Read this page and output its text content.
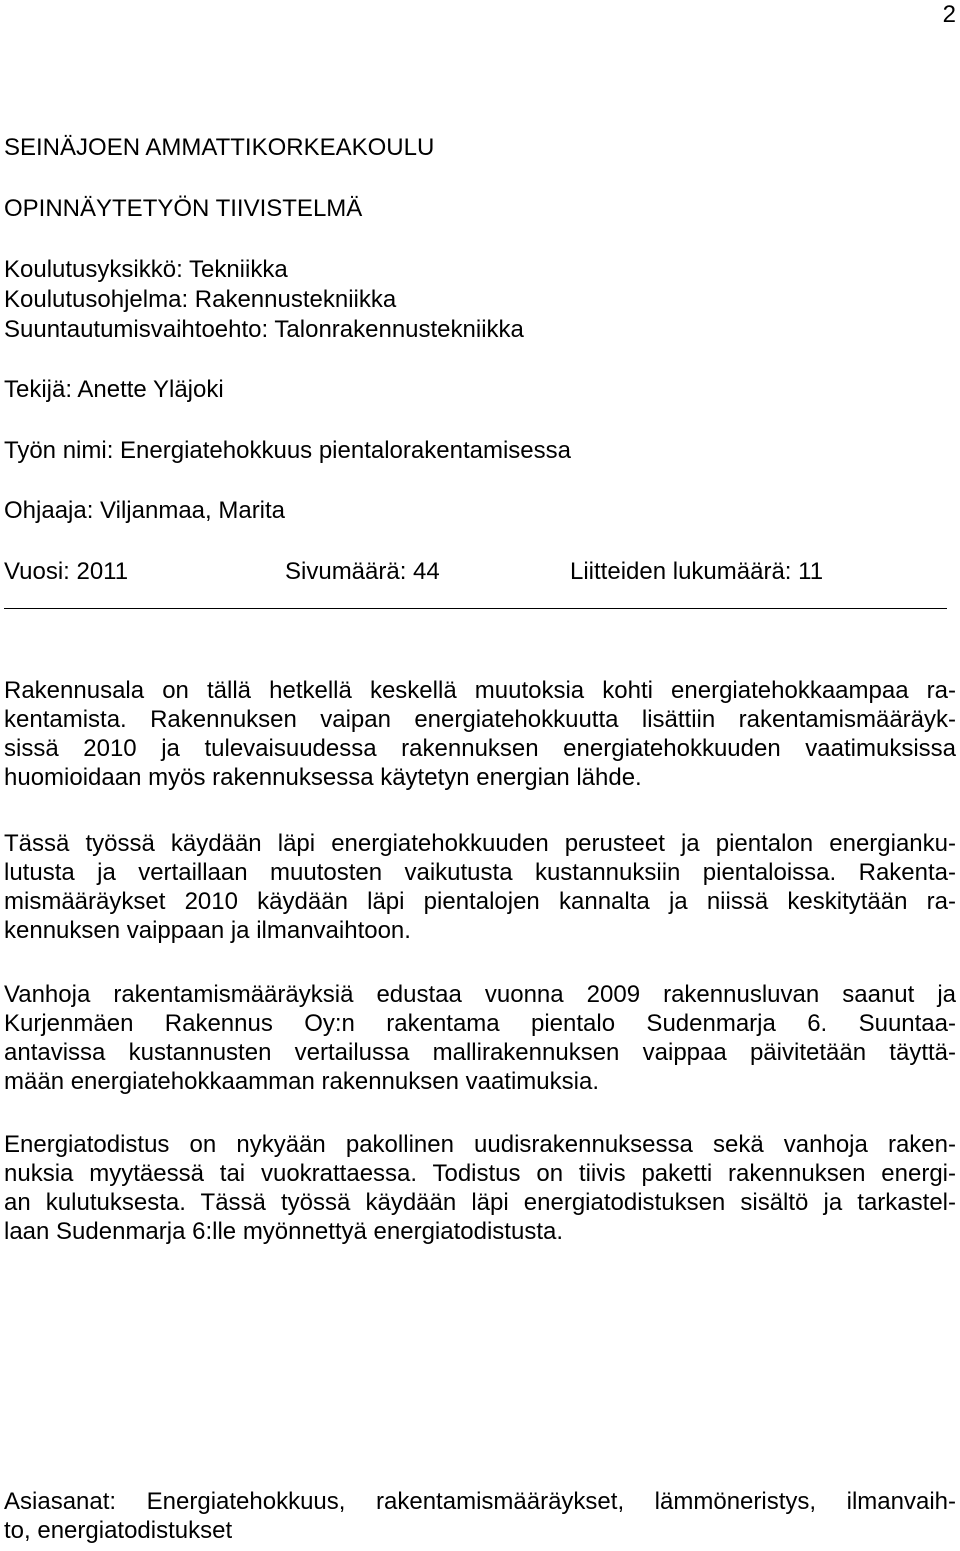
2
SEINÄJOEN AMMATTIKORKEAKOULU
OPINNÄYTETYÖN TIIVISTELMÄ
Koulutusyksikkö: Tekniikka
Koulutusohjelma: Rakennustekniikka
Suuntautumisvaihtoehto: Talonrakennustekniikka
Tekijä: Anette Yläjoki
Työn nimi: Energiatehokkuus pientalorakentamisessa
Ohjaaja: Viljanmaa, Marita
Vuosi: 2011	Sivumäärä: 44	Liitteiden lukumäärä: 11
Rakennusala on tällä hetkellä keskellä muutoksia kohti energiatehokkaampaa ra-
kentamista. Rakennuksen vaipan energiatehokkuutta lisättiin rakentamismääräyk-
sissä 2010 ja tulevaisuudessa rakennuksen energiatehokkuuden vaatimuksissa
huomioidaan myös rakennuksessa käytetyn energian lähde.
Tässä työssä käydään läpi energiatehokkuuden perusteet ja pientalon energianku-
lutusta ja vertaillaan muutosten vaikutusta kustannuksiin pientaloissa. Rakenta-
mismääräykset 2010 käydään läpi pientalojen kannalta ja niissä keskitytään ra-
kennuksen vaippaan ja ilmanvaihtoon.
Vanhoja rakentamismääräyksiä edustaa vuonna 2009 rakennusluvan saanut ja
Kurjenmäen Rakennus Oy:n rakentama pientalo Sudenmarja 6. Suuntaa-
antavissa kustannusten vertailussa mallirakennuksen vaippaa päivitetään täyttä-
mään energiatehokkaamman rakennuksen vaatimuksia.
Energiatodistus on nykyään pakollinen uudisrakennuksessa sekä vanhoja raken-
nuksia myytäessä tai vuokrattaessa. Todistus on tiivis paketti rakennuksen energi-
an kulutuksesta. Tässä työssä käydään läpi energiatodistuksen sisältö ja tarkastel-
laan Sudenmarja 6:lle myönnettyä energiatodistusta.
Asiasanat: Energiatehokkuus, rakentamismääräykset, lämmöneristys, ilmanvaih-
to, energiatodistukset
